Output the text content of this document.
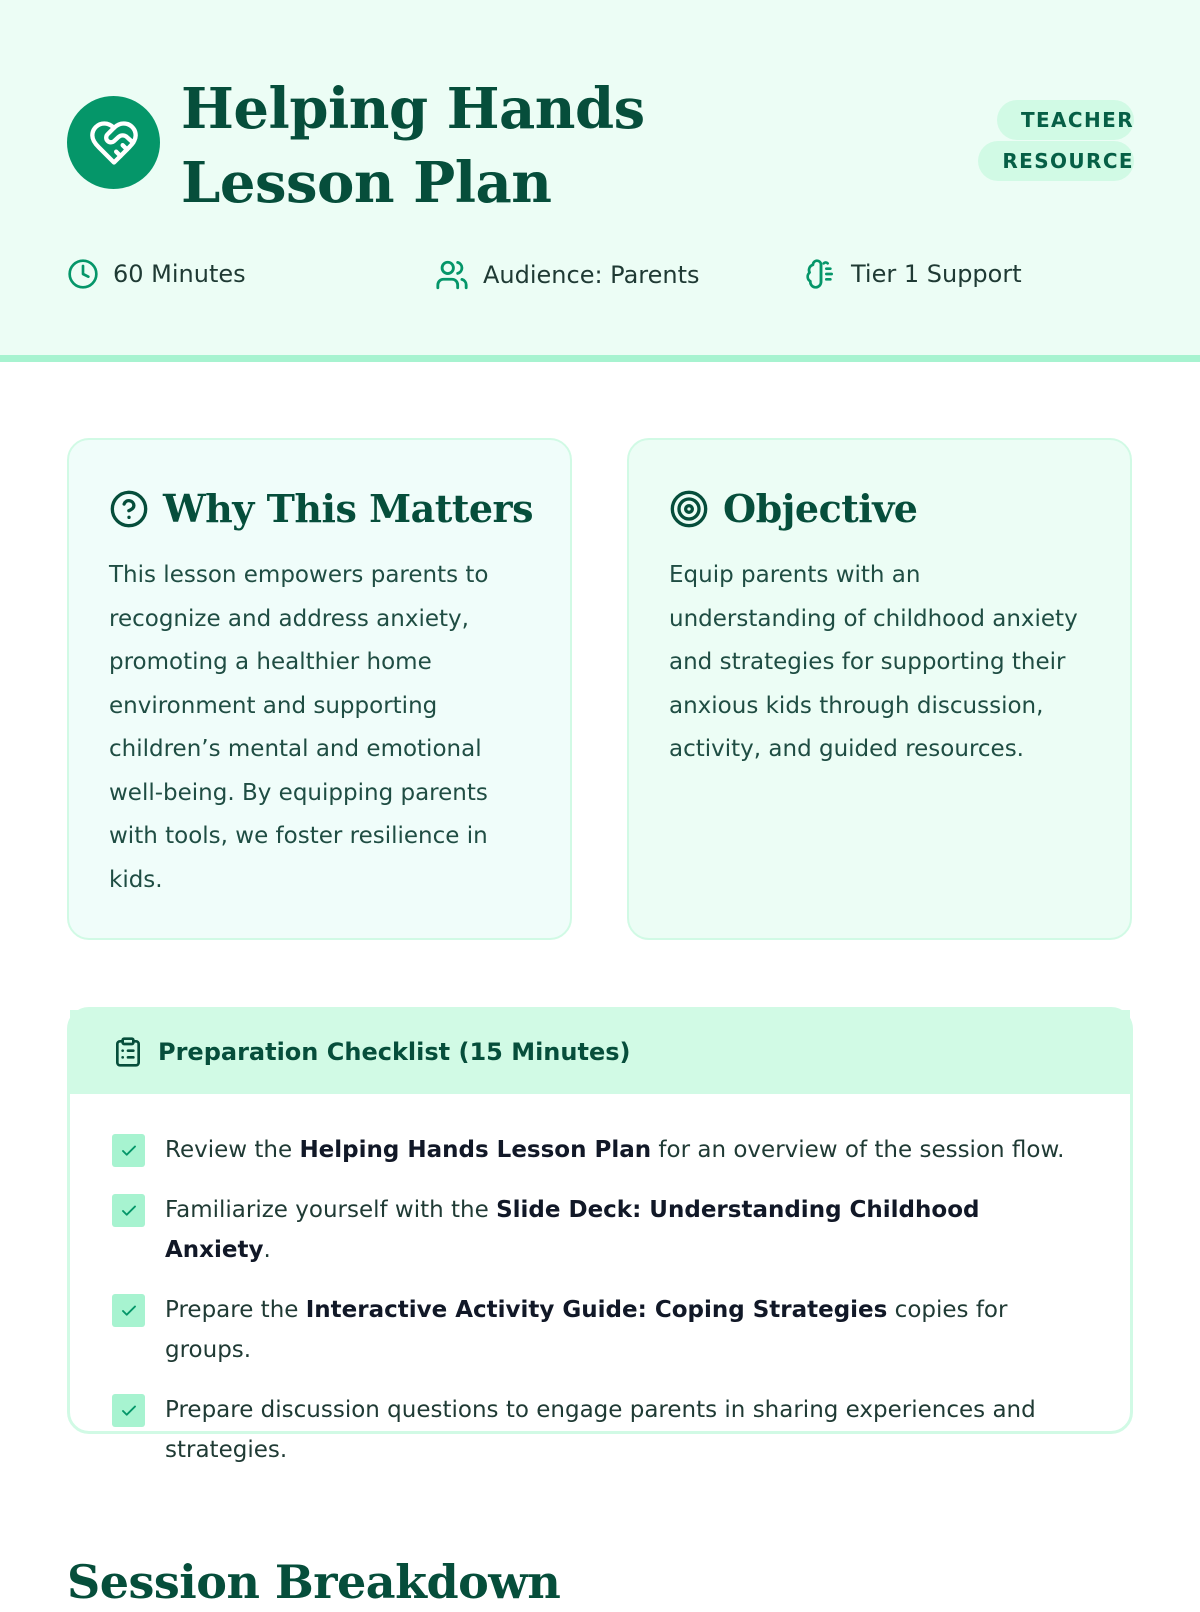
Helping Hands Lesson Plan
TEACHER RESOURCE
60 Minutes	Audience: Parents	Tier 1 Support
Why This Matters

This lesson empowers parents to recognize and address anxiety, promoting a healthier home environment and supporting children’s mental and emotional well-being. By equipping parents with tools, we foster resilience in kids.

Objective

Equip parents with an understanding of childhood anxiety and strategies for supporting their anxious kids through discussion, activity, and guided resources.

Preparation Checklist (15 Minutes)
Review the Helping Hands Lesson Plan for an overview of the session flow.
Familiarize yourself with the Slide Deck: Understanding Childhood Anxiety.
Prepare the Interactive Activity Guide: Coping Strategies copies for groups.
Prepare discussion questions to engage parents in sharing experiences and strategies.
Session Breakdown
